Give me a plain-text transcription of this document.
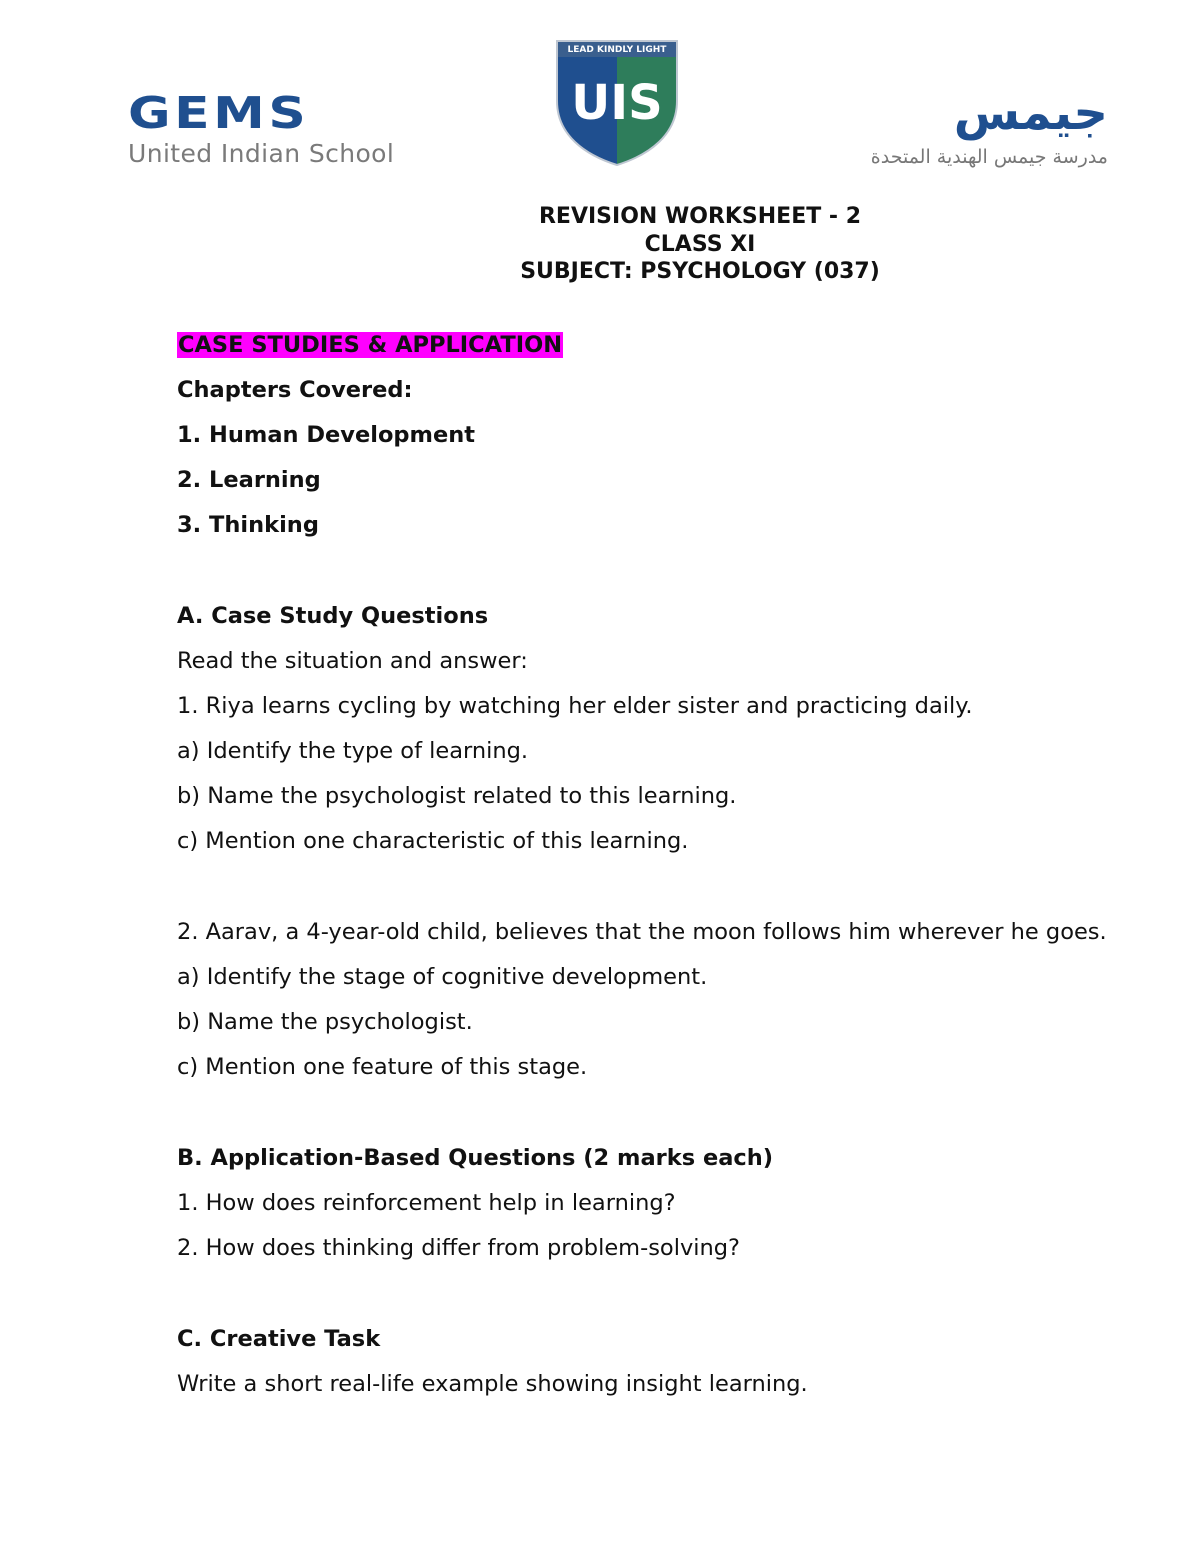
GEMS
United Indian School
LEAD KINDLY LIGHT
UIS	جيمس
مدرسة جيمس الهندية المتحدة
REVISION WORKSHEET - 2
CLASS XI
SUBJECT: PSYCHOLOGY (037)
CASE STUDIES & APPLICATION
Chapters Covered:
1. Human Development
2. Learning
3. Thinking
A. Case Study Questions
Read the situation and answer:
1. Riya learns cycling by watching her elder sister and practicing daily.
a) Identify the type of learning.
b) Name the psychologist related to this learning.
c) Mention one characteristic of this learning.
2. Aarav, a 4-year-old child, believes that the moon follows him wherever he goes.
a) Identify the stage of cognitive development.
b) Name the psychologist.
c) Mention one feature of this stage.
B. Application-Based Questions (2 marks each)
1. How does reinforcement help in learning?
2. How does thinking differ from problem-solving?
C. Creative Task
Write a short real-life example showing insight learning.
